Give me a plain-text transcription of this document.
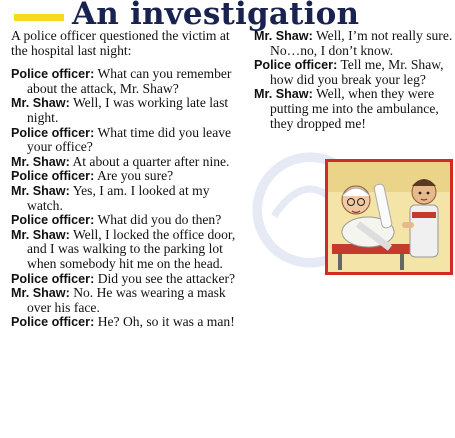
An investigation

A police officer questioned the victim at the hospital last night:

Police officer: What can you remember about the attack, Mr. Shaw?

Mr. Shaw: Well, I was working late last night.

Police officer: What time did you leave your office?

Mr. Shaw: At about a quarter after nine.

Police officer: Are you sure?

Mr. Shaw: Yes, I am. I looked at my watch.

Police officer: What did you do then?

Mr. Shaw: Well, I locked the office door, and I was walking to the parking lot when somebody hit me on the head.

Police officer: Did you see the attacker?

Mr. Shaw: No. He was wearing a mask over his face.

Police officer: He? Oh, so it was a man!

Mr. Shaw: Well, I’m not really sure. No…no, I don’t know.

Police officer: Tell me, Mr. Shaw, how did you break your leg?

Mr. Shaw: Well, when they were putting me into the ambulance, they dropped me!
